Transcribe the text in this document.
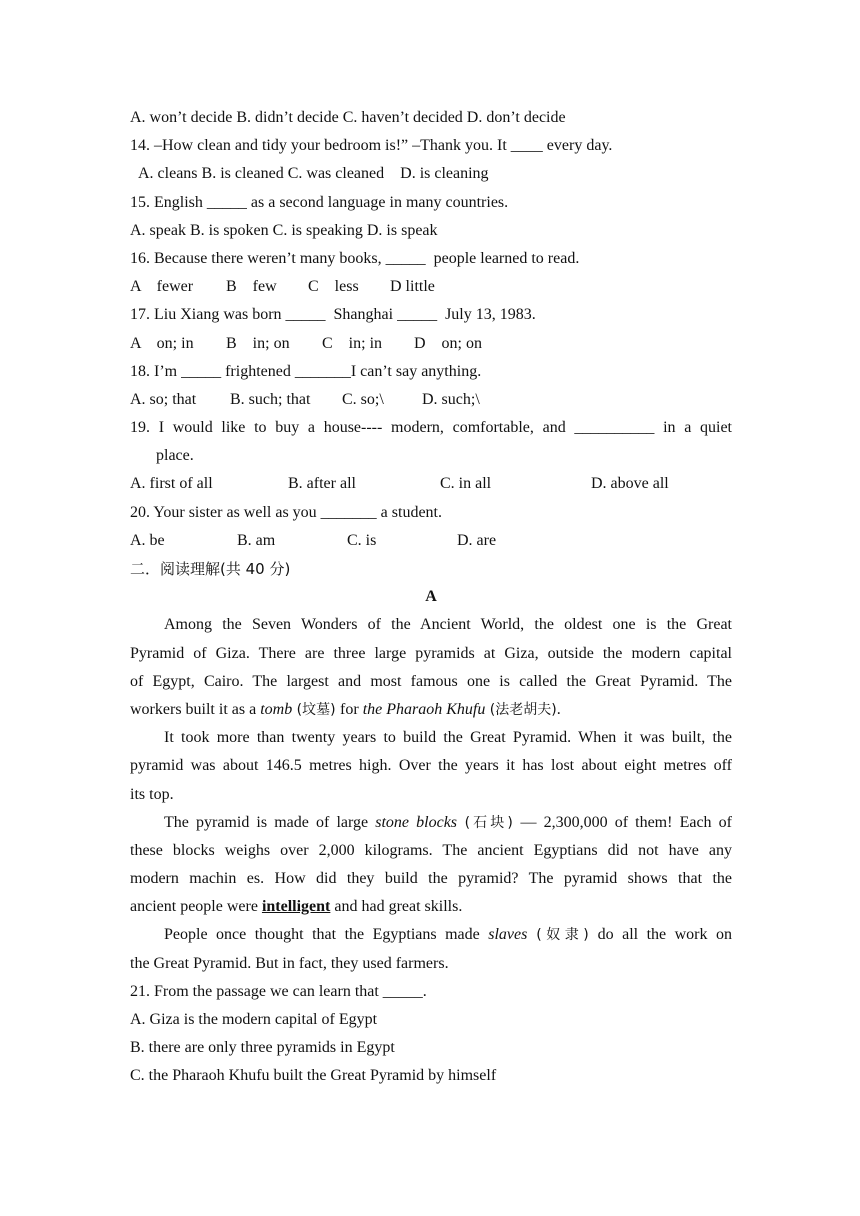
A. won’t decide B. didn’t decide C. haven’t decided D. don’t decide
14. –How clean and tidy your bedroom is!” –Thank you. It ____ every day.
A. cleans B. is cleaned C. was cleaned    D. is cleaning
15. English _____ as a second language in many countries.
A. speak B. is spoken C. is speaking D. is speak
16. Because there weren’t many books, _____  people learned to read.
A    fewer	B    few	C    less	D little
17. Liu Xiang was born _____  Shanghai _____  July 13, 1983.
A    on; in	B    in; on	C    in; in	D    on; on
18. I’m _____ frightened _______I can’t say anything.
A. so; that	B. such; that	C. so;\	D. such;\
19. I would like to buy a house---- modern, comfortable, and __________ in a quiet
place.
A. first of all	B. after all	C. in all	D. above all
20. Your sister as well as you _______ a student.
A. be	B. am	C. is	D. are
二．阅读理解(共 40 分)
A
Among the Seven Wonders of the Ancient World, the oldest one is the Great
Pyramid of Giza. There are three large pyramids at Giza, outside the modern capital
of Egypt, Cairo. The largest and most famous one is called the Great Pyramid. The
workers built it as a tomb (坟墓) for the Pharaoh Khufu (法老胡夫).
It took more than twenty years to build the Great Pyramid. When it was built, the
pyramid was about 146.5 metres high. Over the years it has lost about eight metres off
its top.
The pyramid is made of large stone blocks (石块) — 2,300,000 of them! Each of
these blocks weighs over 2,000 kilograms. The ancient Egyptians did not have any
modern machin es. How did they build the pyramid? The pyramid shows that the
ancient people were intelligent and had great skills.
People once thought that the Egyptians made slaves (奴隶) do all the work on
the Great Pyramid. But in fact, they used farmers.
21. From the passage we can learn that _____.
A. Giza is the modern capital of Egypt
B. there are only three pyramids in Egypt
C. the Pharaoh Khufu built the Great Pyramid by himself
